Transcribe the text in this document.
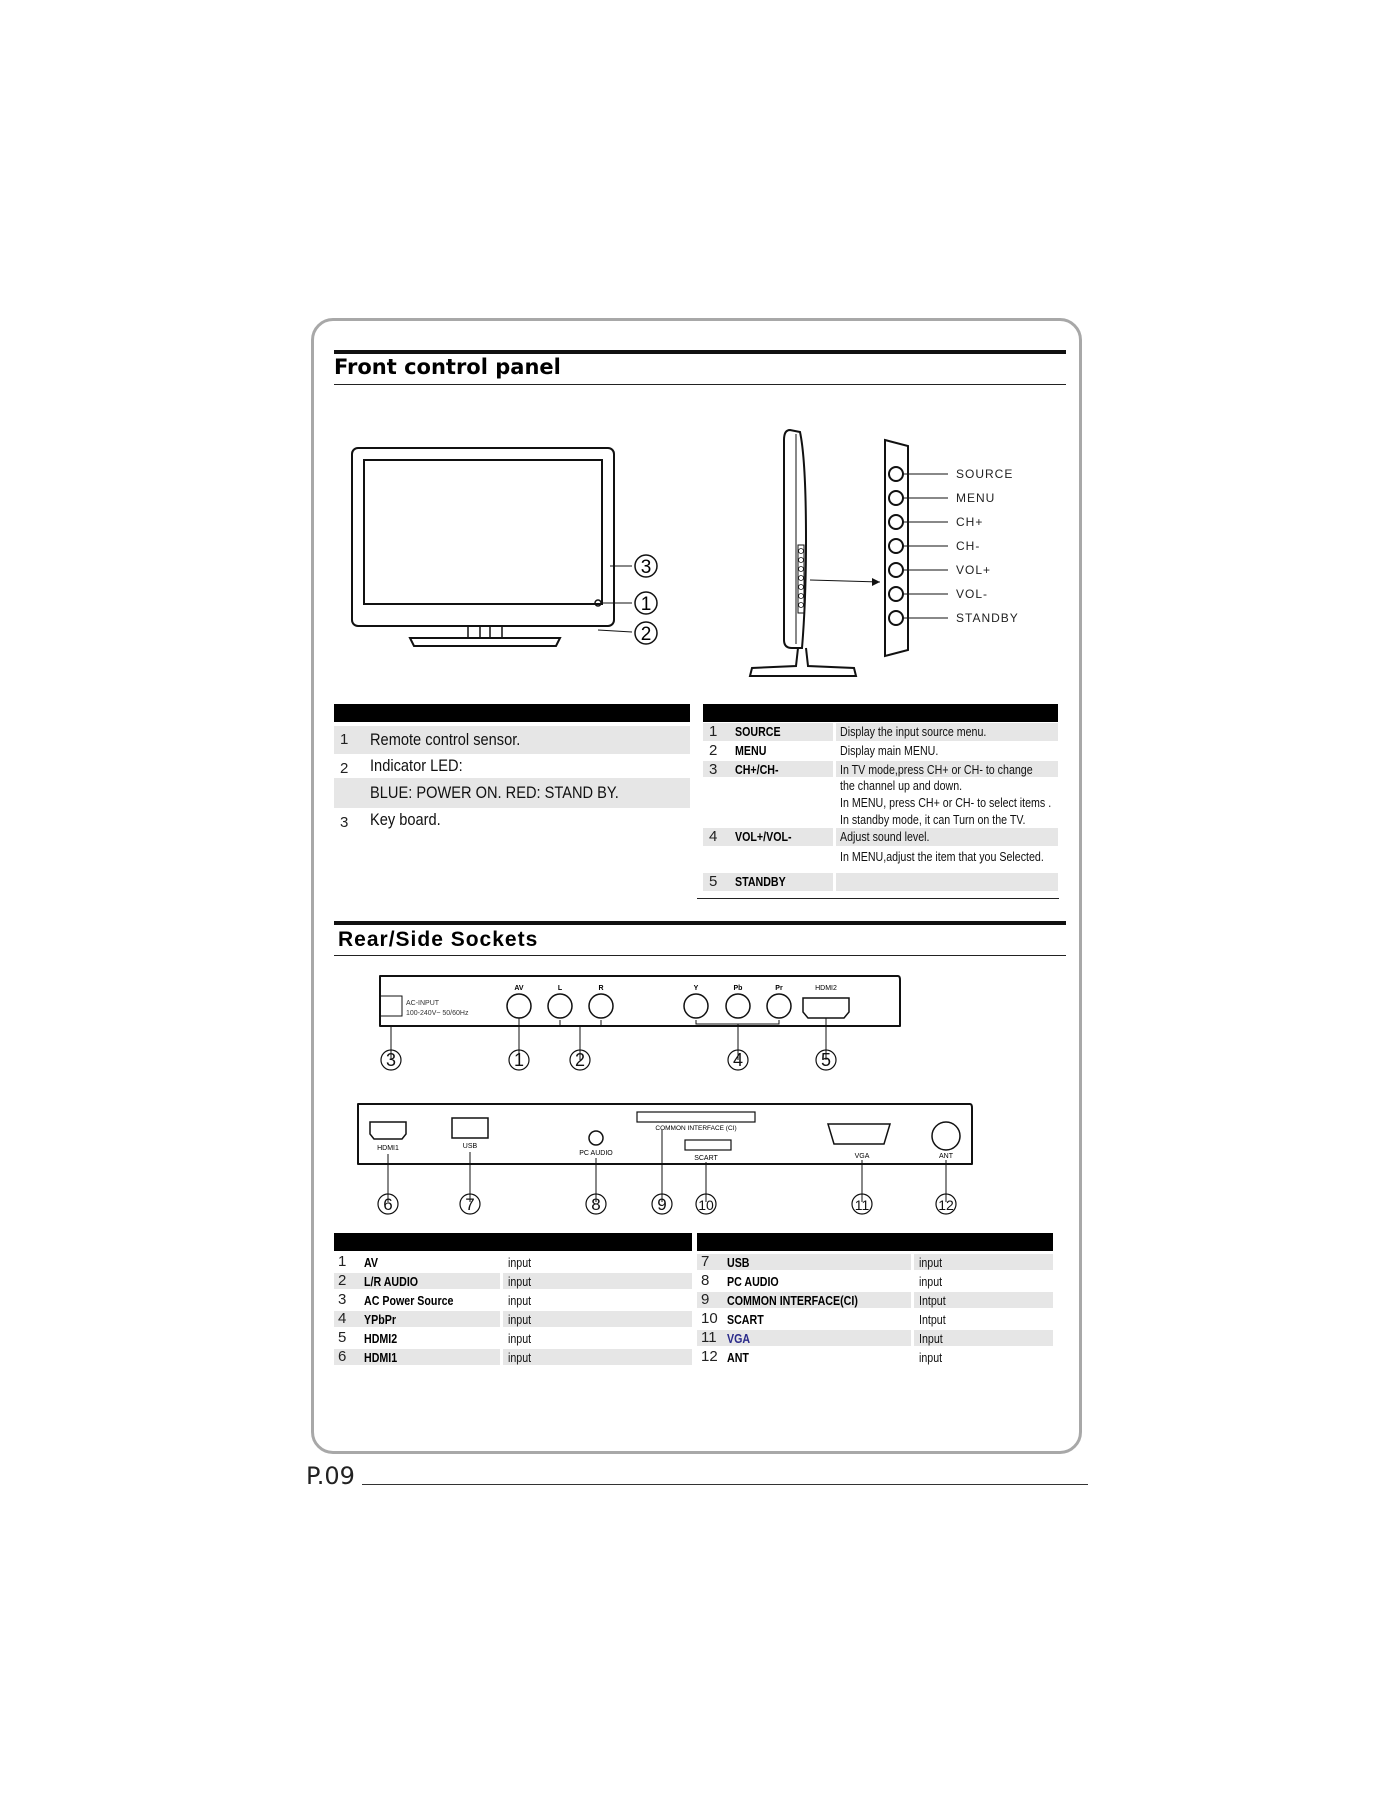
Front control panel
3
1
2
SOURCE
MENU
CH+
CH-
VOL+
VOL-
STANDBY
1 Remote control sensor.
2 Indicator LED:
BLUE: POWER ON. RED: STAND BY.
3 Key board.
1 SOURCE	Display the input source menu.
2 MENU	Display main MENU.
3 CH+/CH-	In TV mode,press CH+ or CH- to change
the channel up and down.
In MENU, press CH+ or CH- to select items .
In standby mode, it can Turn on the TV.
4 VOL+/VOL-	Adjust sound level.
In MENU,adjust the item that you Selected.
5 STANDBY
Rear/Side Sockets
AC-INPUT
100-240V~ 50/60Hz
AV	L	R	Y	Pb	Pr	HDMI2
3	1	2	4	5
HDMI1	USB
PC AUDIO
COMMON INTERFACE (CI)
SCART	VGA	ANT
6	7	8	9 10	11	12
1 AV	input
2 L/R AUDIO	input
3 AC Power Source	input
4 YPbPr	input
5 HDMI2	input
6 HDMI1	input
7 USB	input
8 PC AUDIO	input
9 COMMON INTERFACE(CI)	Intput
10 SCART	Intput
11 VGA	Input
12 ANT	input
P.09
